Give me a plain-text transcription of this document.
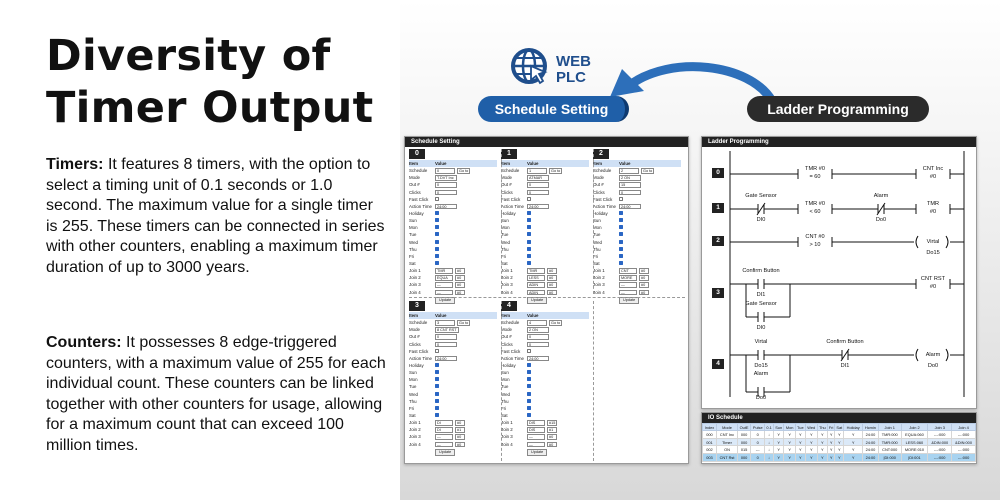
Diversity of
Timer Output
Timers: It features 8 timers, with the option to select a timing unit of 0.1 seconds or 1.0 second. The maximum value for a single timer is 255. These timers can be connected in series with other counters, enabling a maximum timer duration of up to 3000 years.
Counters: It possesses 8 edge-triggered counters, with a maximum value of 255 for each individual count. These counters can be linked together with other counters for usage, allowing for a maximum count that can exceed 100 million times.
WEB
PLC
Schedule Setting	Ladder Programming
Schedule Setting
0
Item	Value
Schedule	0	Go to
Mode	T.DVT Inc
Out #	0
Clicks	0
Fast Click
Action Time	24:00
Holiday
Sun
Mon
Tue
Wed
Thu
Fri
Sat
Join 1	TMR	#0
Join 2	EQUA #0
Join 3	—	#0
Join 4	—	#0
Update
1
Item	Value
Schedule	1	Go to
Mode	ATMAR
Out #	0
Clicks	0
Fast Click
Action Time	24:00
Holiday
Sun
Mon
Tue
Wed
Thu
Fri
Sat
Join 1	TMR	#0
Join 2	LESS	#0
Join 3	ADIN	#0
Join 4	ADIN	#0
Update
2
Item	Value
Schedule	2	Go to
Mode	2 ON
Out #	15
Clicks	0
Fast Click
Action Time	24:00
Holiday
Sun
Mon
Tue
Wed
Thu
Fri
Sat
Join 1	CNT	#0
Join 2	MORE #0
Join 3	—	#0
Join 4	—	#0
Update
3
Item	Value
Schedule	3	Go to
Mode	8 CNT RST
Out #	0
Clicks	0
Fast Click
Action Time	24:00
Holiday
Sun
Mon
Tue
Wed
Thu
Fri
Sat
Join 1	DI	#0
Join 2	DI	#1
Join 3	—	#0
Join 4	—	#0
Update
4
Item	Value
Schedule	4	Go to
Mode	2 ON
Out #	0
Clicks	0
Fast Click
Action Time	24:00
Holiday
Sun
Mon
Tue
Wed
Thu
Fri
Sat
Join 1	DIS	#15
Join 2	DIS	#1
Join 3	—	#0
Join 4	—	#0
Update
Ladder Programming
0
1
2
3
4
TMR #0
= 60
CNT Inc
#0
Gate Sensor
DI0
TMR #0
< 60
Alarm
Do0
TMR
#0
CNT #0
> 10	Virtal
Do15
Confirm Button
DI1
Gate Sensor
DI0
CNT RST
#0
Virtal
Do15
Alarm
Do0
Confirm Button
DI1
Alarm
Do0
IO Schedule
Index	Mode	OutE	Pulse	0.1	Sun	Mon	Tue	Wed	Thu	Fri	Sat	Holiday	Hcmin	Join 1	Join 2	Join 3	Join 4
000	CNT Inc	000	0	↓	Y	Y	Y	Y	Y	Y	Y	Y	24:00	TMR:000	EQUA:060	---:000	---:000
001	Timer	000	0	↓	Y	Y	Y	Y	Y	Y	Y	Y	24:00	TMR:000	LESS:060	&DIN:000	&DIN:000
002	ON	015	---	↓	Y	Y	Y	Y	Y	Y	Y	Y	24:00	CNT:000	MORE:010	---:000	---:000
003	CNT Rst	000	0	↓	Y	Y	Y	Y	Y	Y	Y	Y	24:00	|DI:000	|DI:001	---:000	---:000
